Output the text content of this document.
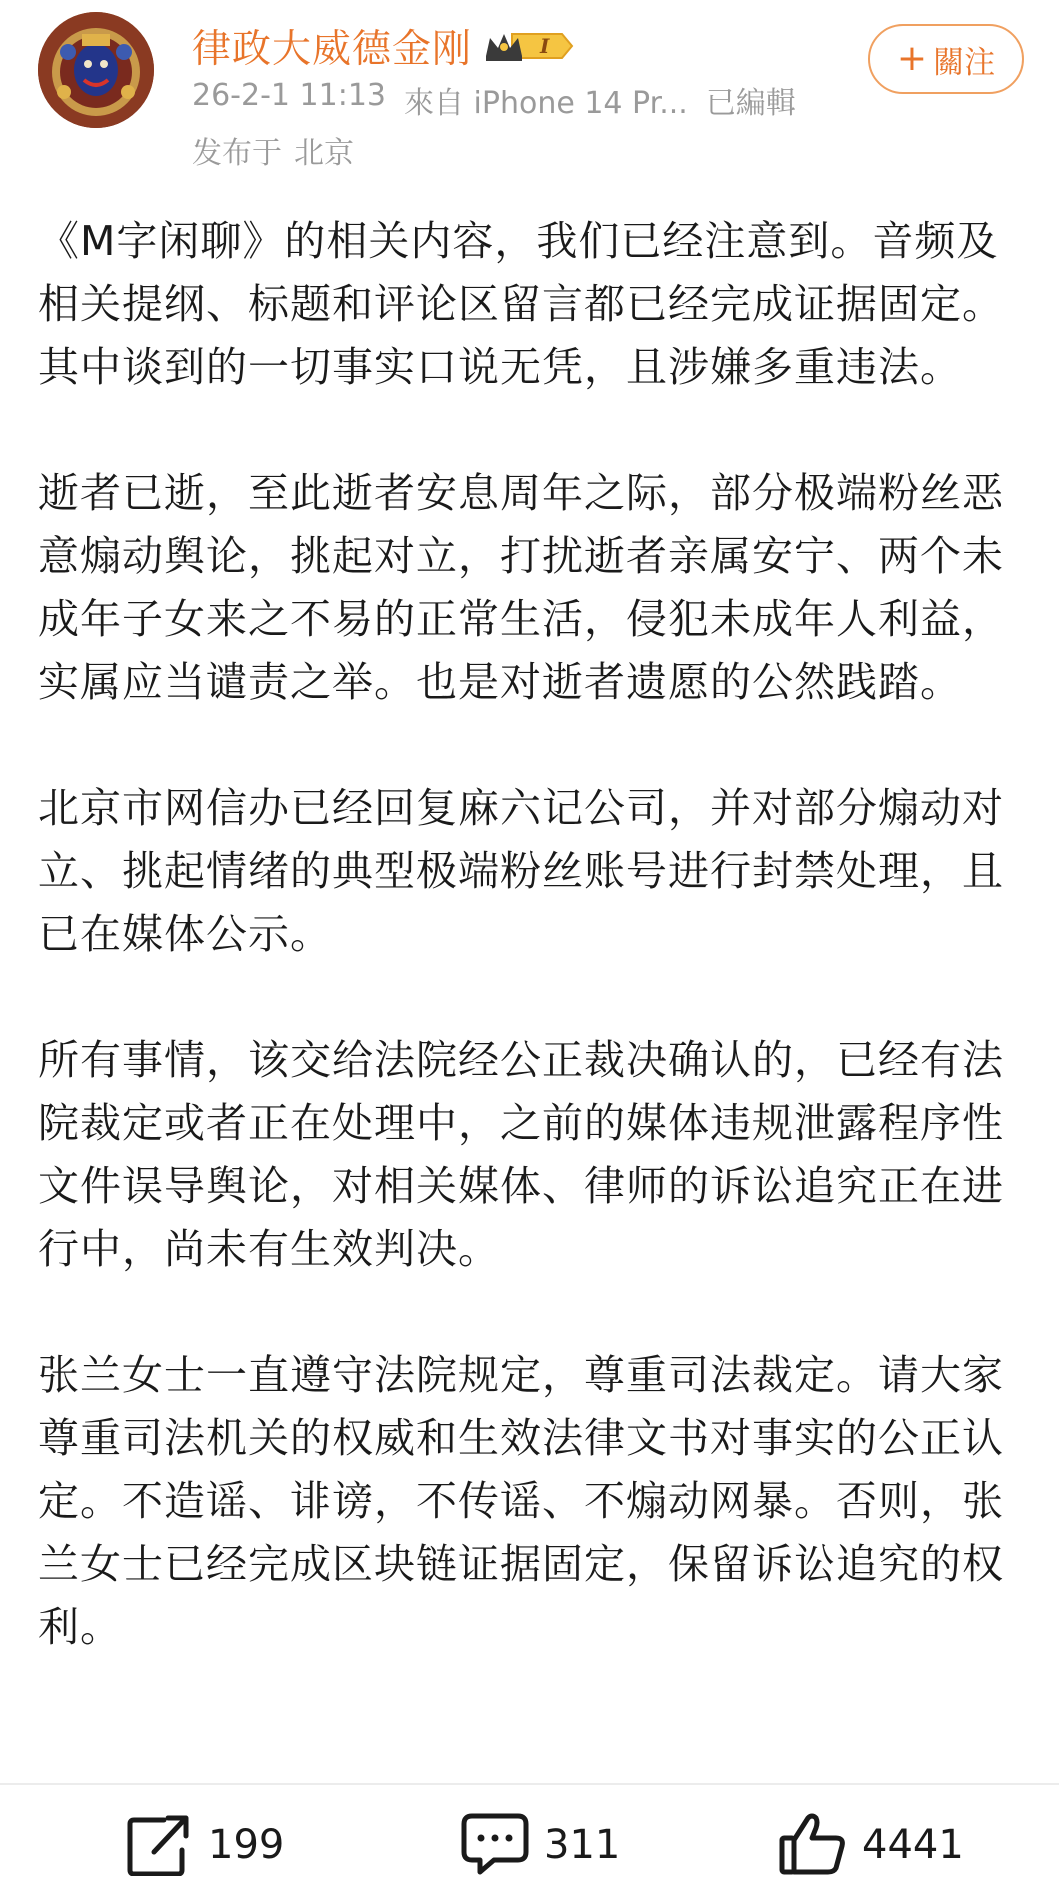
律政大威德金刚	I
26-2-1 11:13 來自 iPhone 14 Pr... 已編輯
发布于 北京
+ 關注

《M字闲聊》的相关内容，我们已经注意到。音频及相关提纲、标题和评论区留言都已经完成证据固定。其中谈到的一切事实口说无凭，且涉嫌多重违法。

逝者已逝，至此逝者安息周年之际，部分极端粉丝恶意煽动舆论，挑起对立，打扰逝者亲属安宁、两个未成年子女来之不易的正常生活，侵犯未成年人利益，实属应当谴责之举。也是对逝者遗愿的公然践踏。

北京市网信办已经回复麻六记公司，并对部分煽动对立、挑起情绪的典型极端粉丝账号进行封禁处理，且已在媒体公示。

所有事情，该交给法院经公正裁决确认的，已经有法院裁定或者正在处理中，之前的媒体违规泄露程序性文件误导舆论，对相关媒体、律师的诉讼追究正在进行中，尚未有生效判决。

张兰女士一直遵守法院规定，尊重司法裁定。请大家尊重司法机关的权威和生效法律文书对事实的公正认定。不造谣、诽谤，不传谣、不煽动网暴。否则，张兰女士已经完成区块链证据固定，保留诉讼追究的权利。

199	311	4441
